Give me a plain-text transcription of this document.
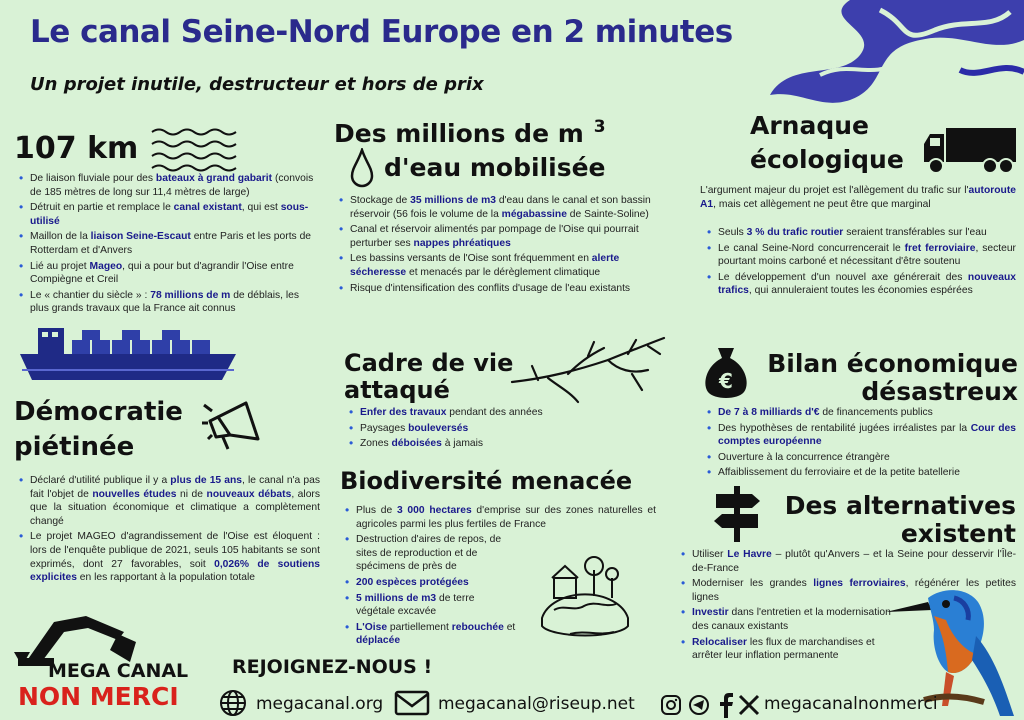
Le canal Seine-Nord Europe en 2 minutes
Un projet inutile, destructeur et hors de prix
107 km
• De liaison fluviale pour des bateaux à grand gabarit (convois de 185 mètres de long sur 11,4 mètres de large)
• Détruit en partie et remplace le canal existant, qui est sous-utilisé
• Maillon de la liaison Seine-Escaut entre Paris et les ports de Rotterdam et d'Anvers
• Lié au projet Mageo, qui a pour but d'agrandir l'Oise entre Compiègne et Creil
• Le « chantier du siècle » : 78 millions de m de déblais, les plus grands travaux que la France ait connus
Démocratie
piétinée
• Déclaré d'utilité publique il y a plus de 15 ans, le canal n'a pas fait l'objet de nouvelles études ni de nouveaux débats, alors que la situation économique et climatique a complètement changé
• Le projet MAGEO d'agrandissement de l'Oise est éloquent : lors de l'enquête publique de 2021, seuls 105 habitants se sont exprimés, dont 27 favorables, soit 0,026% de soutiens explicites en les rapportant à la population totale
MEGA CANAL
NON MERCI
Des millions de m $^3$
d'eau mobilisée
• Stockage de 35 millions de m3 d'eau dans le canal et son bassin réservoir (56 fois le volume de la mégabassine de Sainte-Soline)
• Canal et réservoir alimentés par pompage de l'Oise qui pourrait perturber ses nappes phréatiques
• Les bassins versants de l'Oise sont fréquemment en alerte sécheresse et menacés par le dérèglement climatique
• Risque d'intensification des conflits d'usage de l'eau existants
Cadre de vie
attaqué
• Enfer des travaux pendant des années
• Paysages bouleversés
• Zones déboisées à jamais
Biodiversité menacée
• Plus de 3 000 hectares d'emprise sur des zones naturelles et agricoles parmi les plus fertiles de France
• Destruction d'aires de repos, de sites de reproduction et de spécimens de près de
• 200 espèces protégées
• 5 millions de m3 de terre végétale excavée
• L'Oise partiellement rebouchée et déplacée
Arnaque
écologique
L'argument majeur du projet est l'allègement du trafic sur l'autoroute A1, mais cet allègement ne peut être que marginal
• Seuls 3 % du trafic routier seraient transférables sur l'eau
• Le canal Seine-Nord concurrencerait le fret ferroviaire, secteur pourtant moins carboné et nécessitant d'être soutenu
• Le développement d'un nouvel axe générerait des nouveaux trafics, qui annuleraient toutes les économies espérées
€
Bilan économique
désastreux
• De 7 à 8 milliards d'€ de financements publics
• Des hypothèses de rentabilité jugées irréalistes par la Cour des comptes européenne
• Ouverture à la concurrence étrangère
• Affaiblissement du ferroviaire et de la petite batellerie
Des alternatives
existent
• Utiliser Le Havre – plutôt qu'Anvers – et la Seine pour desservir l'Île-de-France
• Moderniser les grandes lignes ferroviaires, régénérer les petites lignes
• Investir dans l'entretien et la modernisation des canaux existants
• Relocaliser les flux de marchandises et arrêter leur inflation permanente
REJOIGNEZ-NOUS !
megacanal.org	megacanal@riseup.net	megacanalnonmerci
